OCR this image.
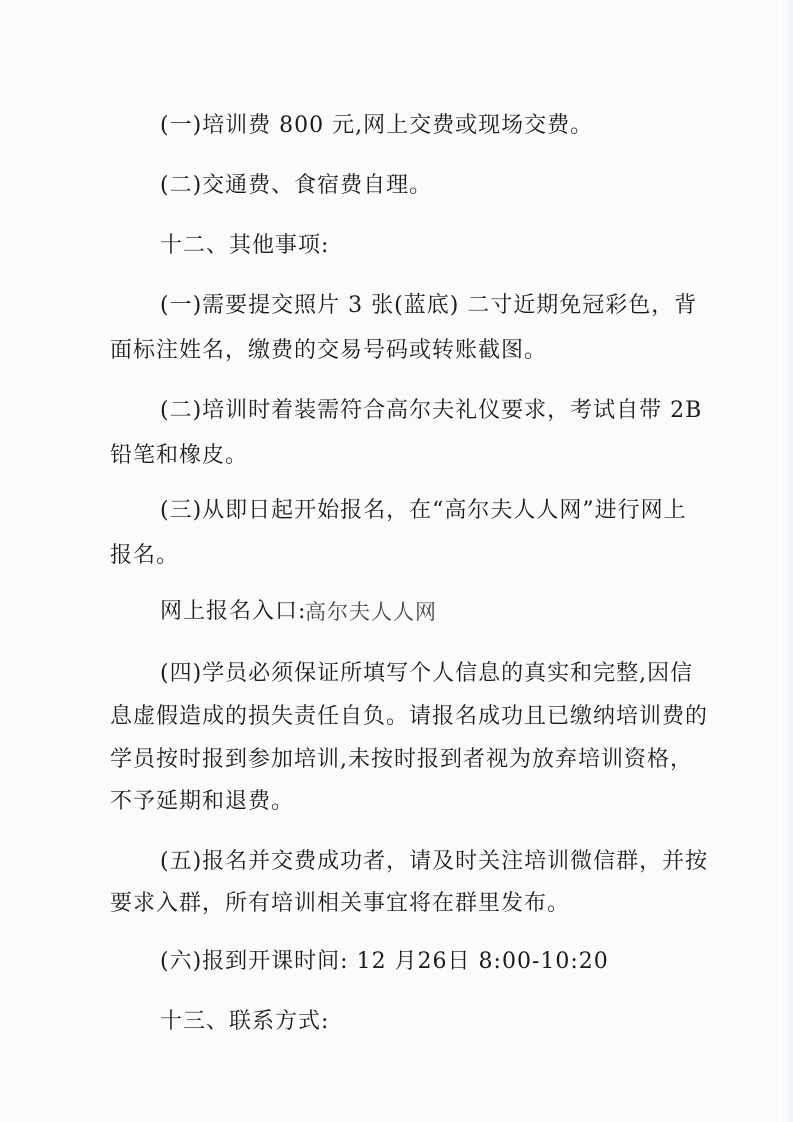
(一)培训费 800 元,网上交费或现场交费。
(二)交通费、食宿费自理。
十二、其他事项:
(一)需要提交照片 3 张(蓝底) 二寸近期免冠彩色，背
面标注姓名，缴费的交易号码或转账截图。
(二)培训时着装需符合高尔夫礼仪要求，考试自带 2B
铅笔和橡皮。
(三)从即日起开始报名，在“高尔夫人人网”进行网上
报名。
网上报名入口:
高尔夫人人网
(四)学员必须保证所填写个人信息的真实和完整,因信
息虚假造成的损失责任自负。请报名成功且已缴纳培训费的
学员按时报到参加培训,未按时报到者视为放弃培训资格，
不予延期和退费。
(五)报名并交费成功者，请及时关注培训微信群，并按
要求入群，所有培训相关事宜将在群里发布。
(六)报到开课时间: 12 月26日 8:00-10:20
十三、联系方式:
